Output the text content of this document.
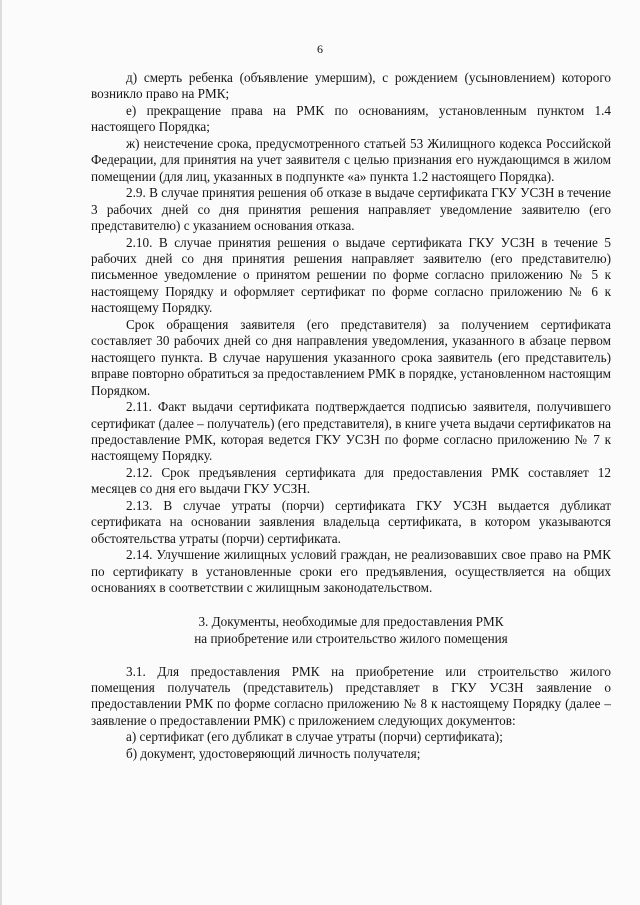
6

д) смерть ребенка (объявление умершим), с рождением (усыновлением) которого возникло право на РМК;

е) прекращение права на РМК по основаниям, установленным пунктом 1.4 настоящего Порядка;

ж) неистечение срока, предусмотренного статьей 53 Жилищного кодекса Российской Федерации, для принятия на учет заявителя с целью признания его нуждающимся в жилом помещении (для лиц, указанных в подпункте «а» пункта 1.2 настоящего Порядка).

2.9. В случае принятия решения об отказе в выдаче сертификата ГКУ УСЗН в течение 3 рабочих дней со дня принятия решения направляет уведомление заявителю (его представителю) с указанием основания отказа.

2.10. В случае принятия решения о выдаче сертификата ГКУ УСЗН в течение 5 рабочих дней со дня принятия решения направляет заявителю (его представителю) письменное уведомление о принятом решении по форме согласно приложению № 5 к настоящему Порядку и оформляет сертификат по форме согласно приложению № 6 к настоящему Порядку.

Срок обращения заявителя (его представителя) за получением сертификата составляет 30 рабочих дней со дня направления уведомления, указанного в абзаце первом настоящего пункта. В случае нарушения указанного срока заявитель (его представитель) вправе повторно обратиться за предоставлением РМК в порядке, установленном настоящим Порядком.

2.11. Факт выдачи сертификата подтверждается подписью заявителя, получившего сертификат (далее – получатель) (его представителя), в книге учета выдачи сертификатов на предоставление РМК, которая ведется ГКУ УСЗН по форме согласно приложению № 7 к настоящему Порядку.

2.12. Срок предъявления сертификата для предоставления РМК составляет 12 месяцев со дня его выдачи ГКУ УСЗН.

2.13. В случае утраты (порчи) сертификата ГКУ УСЗН выдается дубликат сертификата на основании заявления владельца сертификата, в котором указываются обстоятельства утраты (порчи) сертификата.

2.14. Улучшение жилищных условий граждан, не реализовавших свое право на РМК по сертификату в установленные сроки его предъявления, осуществляется на общих основаниях в соответствии с жилищным законодательством.

3. Документы, необходимые для предоставления РМК

на приобретение или строительство жилого помещения

3.1. Для предоставления РМК на приобретение или строительство жилого помещения получатель (представитель) представляет в ГКУ УСЗН заявление о предоставлении РМК по форме согласно приложению № 8 к настоящему Порядку (далее – заявление о предоставлении РМК) с приложением следующих документов:

а) сертификат (его дубликат в случае утраты (порчи) сертификата);

б) документ, удостоверяющий личность получателя;
